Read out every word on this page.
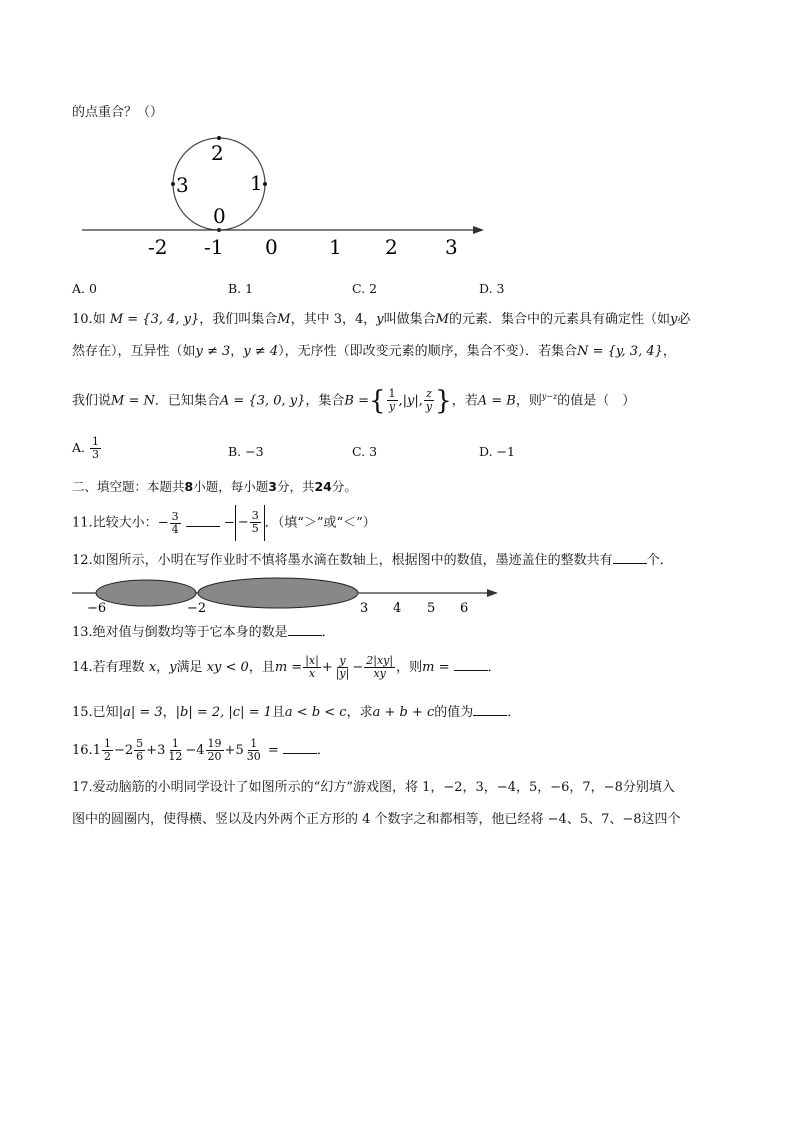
的点重合？（）
2
3	1
0
-2 -1 0	1 2 3
A. 0	B. 1	C. 2	D. 3
10.如 M = {3, 4, y}，我们叫集合M，其中 3，4，y叫做集合M的元素．集合中的元素具有确定性（如y必
然存在），互异性（如y ≠ 3，y ≠ 4），无序性（即改变元素的顺序，集合不变）．若集合N = {y, 3, 4}，
我们说M = N．已知集合A = {3, 0, y}，集合B ={ $\frac{1}{y} ,|y|$, $\frac{z}{y}$ }，若A = B，则$^{y-z}$的值是（　）
A. $\frac{1}{3}$	B. −3	C. 3	D. −1
二、填空题：本题共8小题，每小题3分，共24分。
11.比较大小：− $\frac{3}{4}$	− − $\frac{3}{5}$ ．（填“＞”或“＜”）
12.如图所示，小明在写作业时不慎将墨水滴在数轴上，根据图中的数值，墨迹盖住的整数共有	个．
−6	−2	3 4 5 6
13.绝对值与倒数均等于它本身的数是	．
14.若有理数 x，y满足 xy < 0，且$m = \frac{|x|}{x} + \frac{y}{|y|} - \frac{2|xy|}{xy}$ ，则m =	．
15.已知|a| = 3，|b| = 2, |c| = 1且a < b < c，求a + b + c的值为	．
$16.1 \frac{1}{2} -2 \frac{5}{6} +3 \frac{1}{12} -4 \frac{19}{20} +5 \frac{1}{30}$ =	．
17.爱动脑筋的小明同学设计了如图所示的“幻方”游戏图，将 1，−2，3，−4，5，−6，7，−8分别填入
图中的圆圈内，使得横、竖以及内外两个正方形的 4 个数字之和都相等，他已经将 −4、5、7、−8这四个
